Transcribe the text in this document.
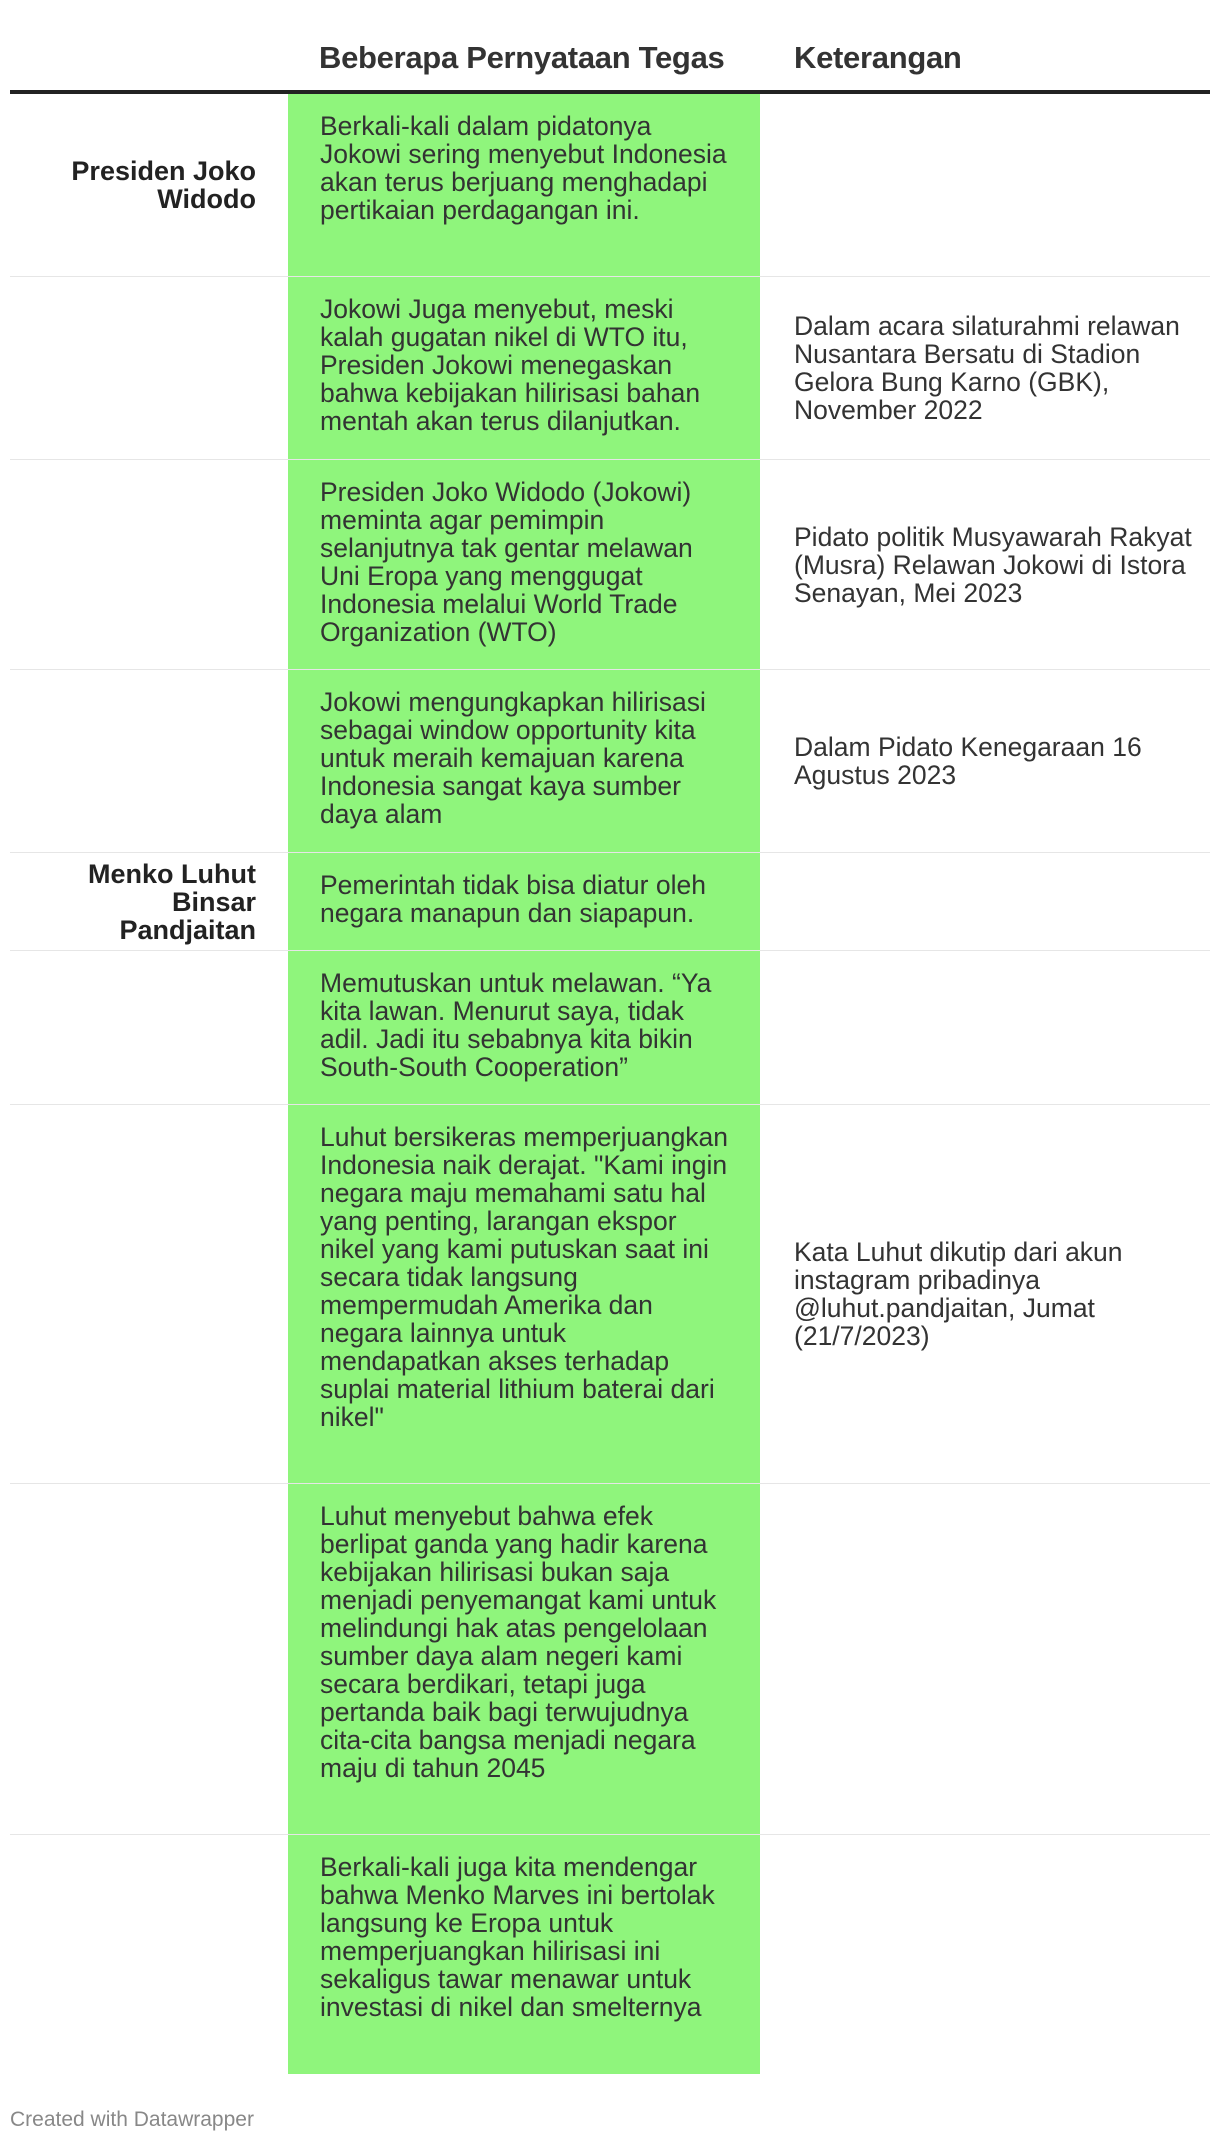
Beberapa Pernyataan Tegas Keterangan
Presiden Joko Widodo
Berkali-kali dalam pidatonya Jokowi sering menyebut Indonesia akan terus berjuang menghadapi pertikaian perdagangan ini.
Jokowi Juga menyebut, meski kalah gugatan nikel di WTO itu, Presiden Jokowi menegaskan bahwa kebijakan hilirisasi bahan mentah akan terus dilanjutkan.
Dalam acara silaturahmi relawan Nusantara Bersatu di Stadion Gelora Bung Karno (GBK), November 2022
Presiden Joko Widodo (Jokowi) meminta agar pemimpin selanjutnya tak gentar melawan Uni Eropa yang menggugat Indonesia melalui World Trade Organization (WTO)
Pidato politik Musyawarah Rakyat (Musra) Relawan Jokowi di Istora Senayan, Mei 2023
Jokowi mengungkapkan hilirisasi sebagai window opportunity kita untuk meraih kemajuan karena Indonesia sangat kaya sumber daya alam
Dalam Pidato Kenegaraan 16 Agustus 2023
Menko Luhut Binsar Pandjaitan
Pemerintah tidak bisa diatur oleh negara manapun dan siapapun.
Memutuskan untuk melawan. “Ya kita lawan. Menurut saya, tidak adil. Jadi itu sebabnya kita bikin South-South Cooperation”
Luhut bersikeras memperjuangkan Indonesia naik derajat. "Kami ingin negara maju memahami satu hal yang penting, larangan ekspor nikel yang kami putuskan saat ini secara tidak langsung mempermudah Amerika dan negara lainnya untuk mendapatkan akses terhadap suplai material lithium baterai dari nikel"
Kata Luhut dikutip dari akun instagram pribadinya @luhut.pandjaitan, Jumat (21/7/2023)
Luhut menyebut bahwa efek berlipat ganda yang hadir karena kebijakan hilirisasi bukan saja menjadi penyemangat kami untuk melindungi hak atas pengelolaan sumber daya alam negeri kami secara berdikari, tetapi juga pertanda baik bagi terwujudnya cita-cita bangsa menjadi negara maju di tahun 2045
Berkali-kali juga kita mendengar bahwa Menko Marves ini bertolak langsung ke Eropa untuk memperjuangkan hilirisasi ini sekaligus tawar menawar untuk investasi di nikel dan smelternya
Created with Datawrapper
